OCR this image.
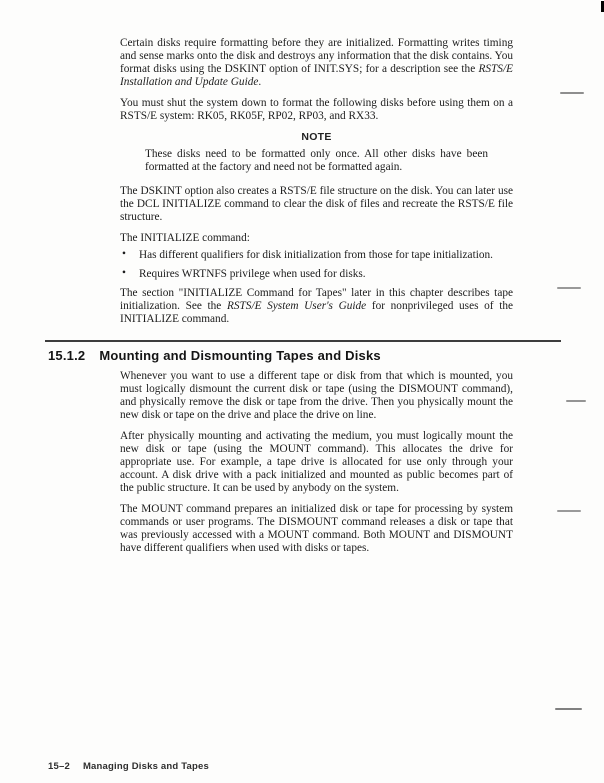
Certain disks require formatting before they are initialized. Formatting writes timing and sense marks onto the disk and destroys any information that the disk contains. You format disks using the DSKINT option of INIT.SYS; for a description see the RSTS/E Installation and Update Guide.

You must shut the system down to format the following disks before using them on a RSTS/E system: RK05, RK05F, RP02, RP03, and RX33.

NOTE

These disks need to be formatted only once. All other disks have been formatted at the factory and need not be formatted again.

The DSKINT option also creates a RSTS/E file structure on the disk. You can later use the DCL INITIALIZE command to clear the disk of files and recreate the RSTS/E file structure.

The INITIALIZE command:

• Has different qualifiers for disk initialization from those for tape initialization.
• Requires WRTNFS privilege when used for disks.

The section "INITIALIZE Command for Tapes" later in this chapter describes tape initialization. See the RSTS/E System User's Guide for nonprivileged uses of the INITIALIZE command.

15.1.2 Mounting and Dismounting Tapes and Disks

Whenever you want to use a different tape or disk from that which is mounted, you must logically dismount the current disk or tape (using the DISMOUNT command), and physically remove the disk or tape from the drive. Then you physically mount the new disk or tape on the drive and place the drive on line.

After physically mounting and activating the medium, you must logically mount the new disk or tape (using the MOUNT command). This allocates the drive for appropriate use. For example, a tape drive is allocated for use only through your account. A disk drive with a pack initialized and mounted as public becomes part of the public structure. It can be used by anybody on the system.

The MOUNT command prepares an initialized disk or tape for processing by system commands or user programs. The DISMOUNT command releases a disk or tape that was previously accessed with a MOUNT command. Both MOUNT and DISMOUNT have different qualifiers when used with disks or tapes.

15–2 Managing Disks and Tapes
